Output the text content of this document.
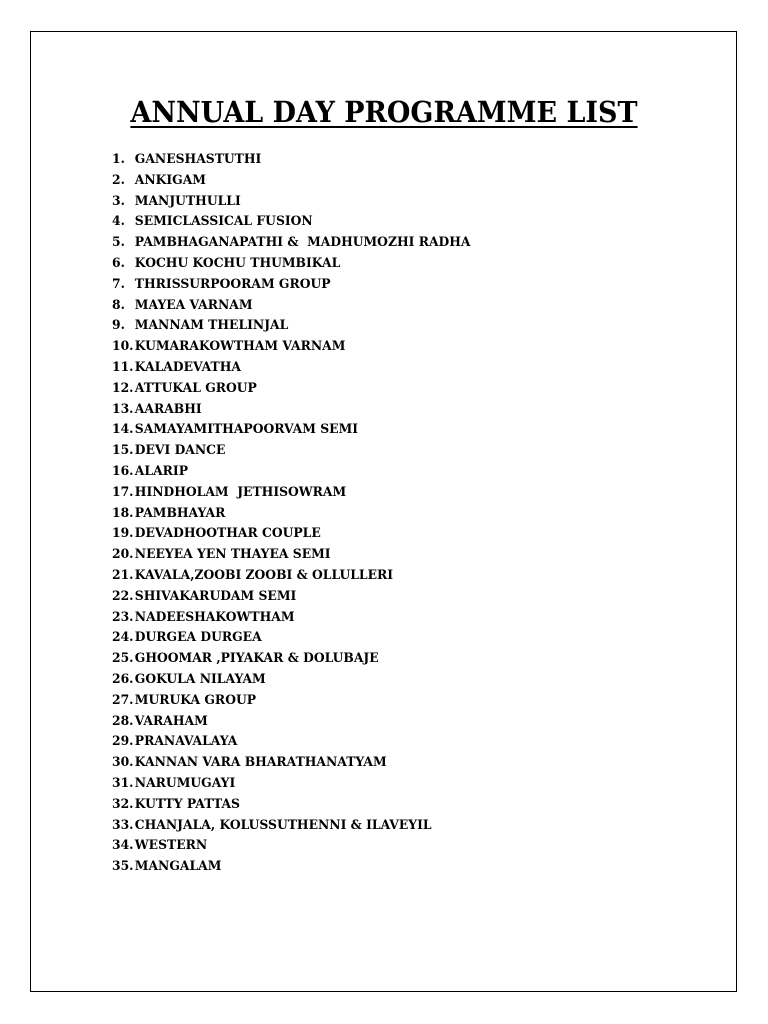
ANNUAL DAY PROGRAMME LIST
1. GANESHASTUTHI
2. ANKIGAM
3. MANJUTHULLI
4. SEMICLASSICAL FUSION
5. PAMBHAGANAPATHI &  MADHUMOZHI RADHA
6. KOCHU KOCHU THUMBIKAL
7. THRISSURPOORAM GROUP
8. MAYEA VARNAM
9. MANNAM THELINJAL
10. KUMARAKOWTHAM VARNAM
11. KALADEVATHA
12. ATTUKAL GROUP
13. AARABHI
14. SAMAYAMITHAPOORVAM SEMI
15. DEVI DANCE
16. ALARIP
17. HINDHOLAM  JETHISOWRAM
18. PAMBHAYAR
19. DEVADHOOTHAR COUPLE
20. NEEYEA YEN THAYEA SEMI
21. KAVALA,ZOOBI ZOOBI & OLLULLERI
22. SHIVAKARUDAM SEMI
23. NADEESHAKOWTHAM
24. DURGEA DURGEA
25. GHOOMAR ,PIYAKAR & DOLUBAJE
26. GOKULA NILAYAM
27. MURUKA GROUP
28. VARAHAM
29. PRANAVALAYA
30. KANNAN VARA BHARATHANATYAM
31. NARUMUGAYI
32. KUTTY PATTAS
33. CHANJALA, KOLUSSUTHENNI & ILAVEYIL
34. WESTERN
35. MANGALAM
